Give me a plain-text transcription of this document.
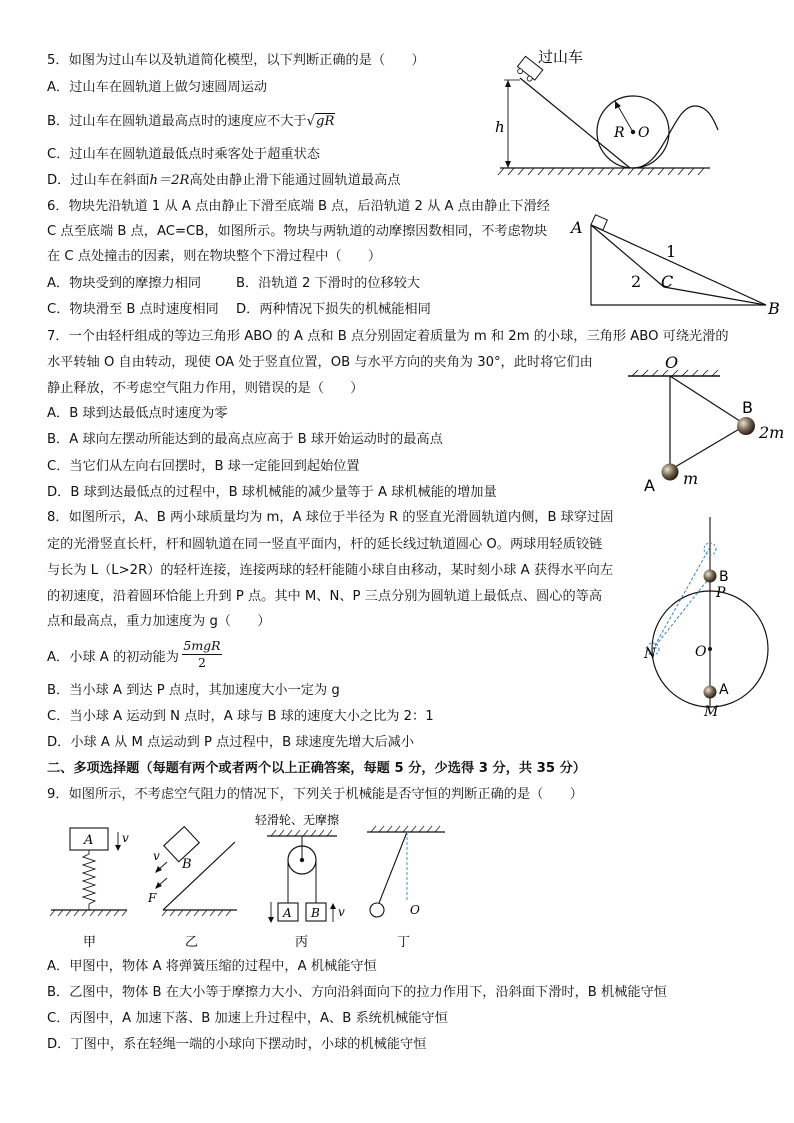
5．如图为过山车以及轨道简化模型，以下判断正确的是（　　）
A．过山车在圆轨道上做匀速圆周运动
B．过山车在圆轨道最高点时的速度应不大于√gR
C．过山车在圆轨道最低点时乘客处于超重状态
D．过山车在斜面h＝2R高处由静止滑下能通过圆轨道最高点
过山车
h	R O
6．物块先沿轨道 1 从 A 点由静止下滑至底端 B 点，后沿轨道 2 从 A 点由静止下滑经
C 点至底端 B 点，AC=CB，如图所示。物块与两轨道的动摩擦因数相同，不考虑物块
在 C 点处撞击的因素，则在物块整个下滑过程中（　　）
A．物块受到的摩擦力相同	B．沿轨道 2 下滑时的位移较大
C．物块滑至 B 点时速度相同 D．两种情况下损失的机械能相同
A
B
C
1
2
7．一个由轻杆组成的等边三角形 ABO 的 A 点和 B 点分别固定着质量为 m 和 2m 的小球，三角形 ABO 可绕光滑的
水平转轴 O 自由转动，现使 OA 处于竖直位置，OB 与水平方向的夹角为 30°，此时将它们由
静止释放，不考虑空气阻力作用，则错误的是（　　）
A．B 球到达最低点时速度为零
B．A 球向左摆动所能达到的最高点应高于 B 球开始运动时的最高点
C．当它们从左向右回摆时，B 球一定能回到起始位置
D．B 球到达最低点的过程中，B 球机械能的减少量等于 A 球机械能的增加量
O
B
2m
A m
8．如图所示，A、B 两小球质量均为 m，A 球位于半径为 R 的竖直光滑圆轨道内侧，B 球穿过固
定的光滑竖直长杆，杆和圆轨道在同一竖直平面内，杆的延长线过轨道圆心 O。两球用轻质铰链
与长为 L（L>2R）的轻杆连接，连接两球的轻杆能随小球自由移动，某时刻小球 A 获得水平向左
的初速度，沿着圆环恰能上升到 P 点。其中 M、N、P 三点分别为圆轨道上最低点、圆心的等高
点和最高点，重力加速度为 g（　　）
A．小球 A 的初动能为
5mgR
2
B．当小球 A 到达 P 点时，其加速度大小一定为 g
C．当小球 A 运动到 N 点时，A 球与 B 球的速度大小之比为 2：1
D．小球 A 从 M 点运动到 P 点过程中，B 球速度先增大后减小
B
P
N	O
A
M
二、多项选择题（每题有两个或者两个以上正确答案，每题 5 分，少选得 3 分，共 35 分）
9．如图所示，不考虑空气阻力的情况下，下列关于机械能是否守恒的判断正确的是（　　）
A v
甲
B
v
F
乙
轻滑轮、无摩擦
A B v
丙
O
丁
A．甲图中，物体 A 将弹簧压缩的过程中，A 机械能守恒
B．乙图中，物体 B 在大小等于摩擦力大小、方向沿斜面向下的拉力作用下，沿斜面下滑时，B 机械能守恒
C．丙图中，A 加速下落、B 加速上升过程中，A、B 系统机械能守恒
D．丁图中，系在轻绳一端的小球向下摆动时，小球的机械能守恒
